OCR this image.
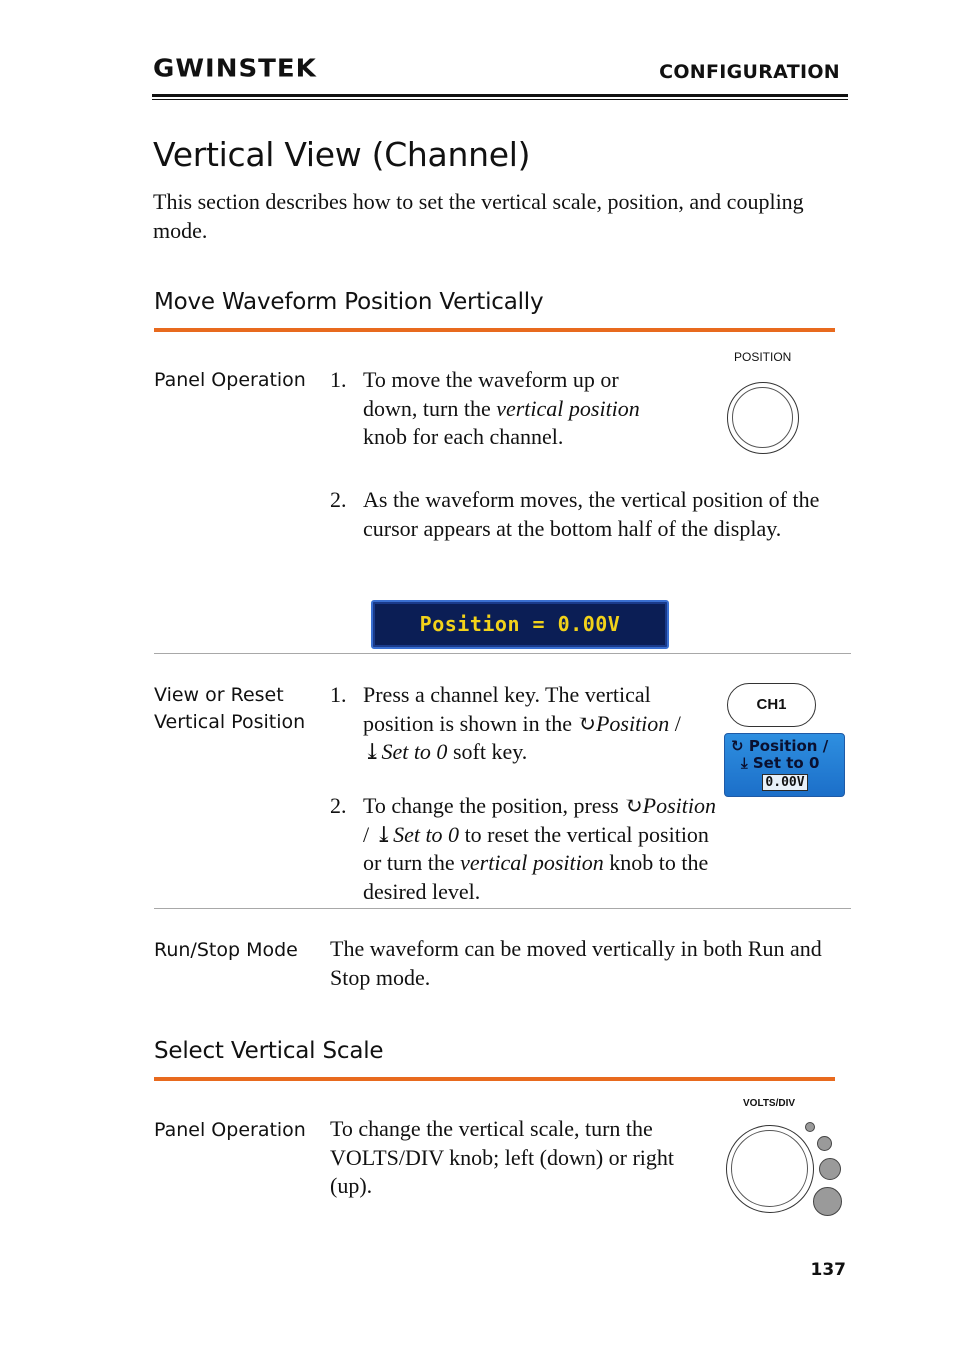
GWINSTEK	CONFIGURATION
Vertical View (Channel)
This section describes how to set the vertical scale, position, and coupling mode.
Move Waveform Position Vertically
Panel Operation
POSITION
1. To move the waveform up or down, turn the vertical position knob for each channel.
2. As the waveform moves, the vertical position of the cursor appears at the bottom half of the display.
Position = 0.00V
View or Reset
Vertical Position
CH1
↻ Position /
⤓ Set to 0
0.00V
1. Press a channel key. The vertical position is shown in the ↻Position / ⤓Set to 0 soft key.
2. To change the position, press ↻Position / ⤓Set to 0 to reset the vertical position or turn the vertical position knob to the desired level.
Run/Stop Mode The waveform can be moved vertically in both Run and Stop mode.
Select Vertical Scale
Panel Operation To change the vertical scale, turn the VOLTS/DIV knob; left (down) or right (up).
VOLTS/DIV
137
